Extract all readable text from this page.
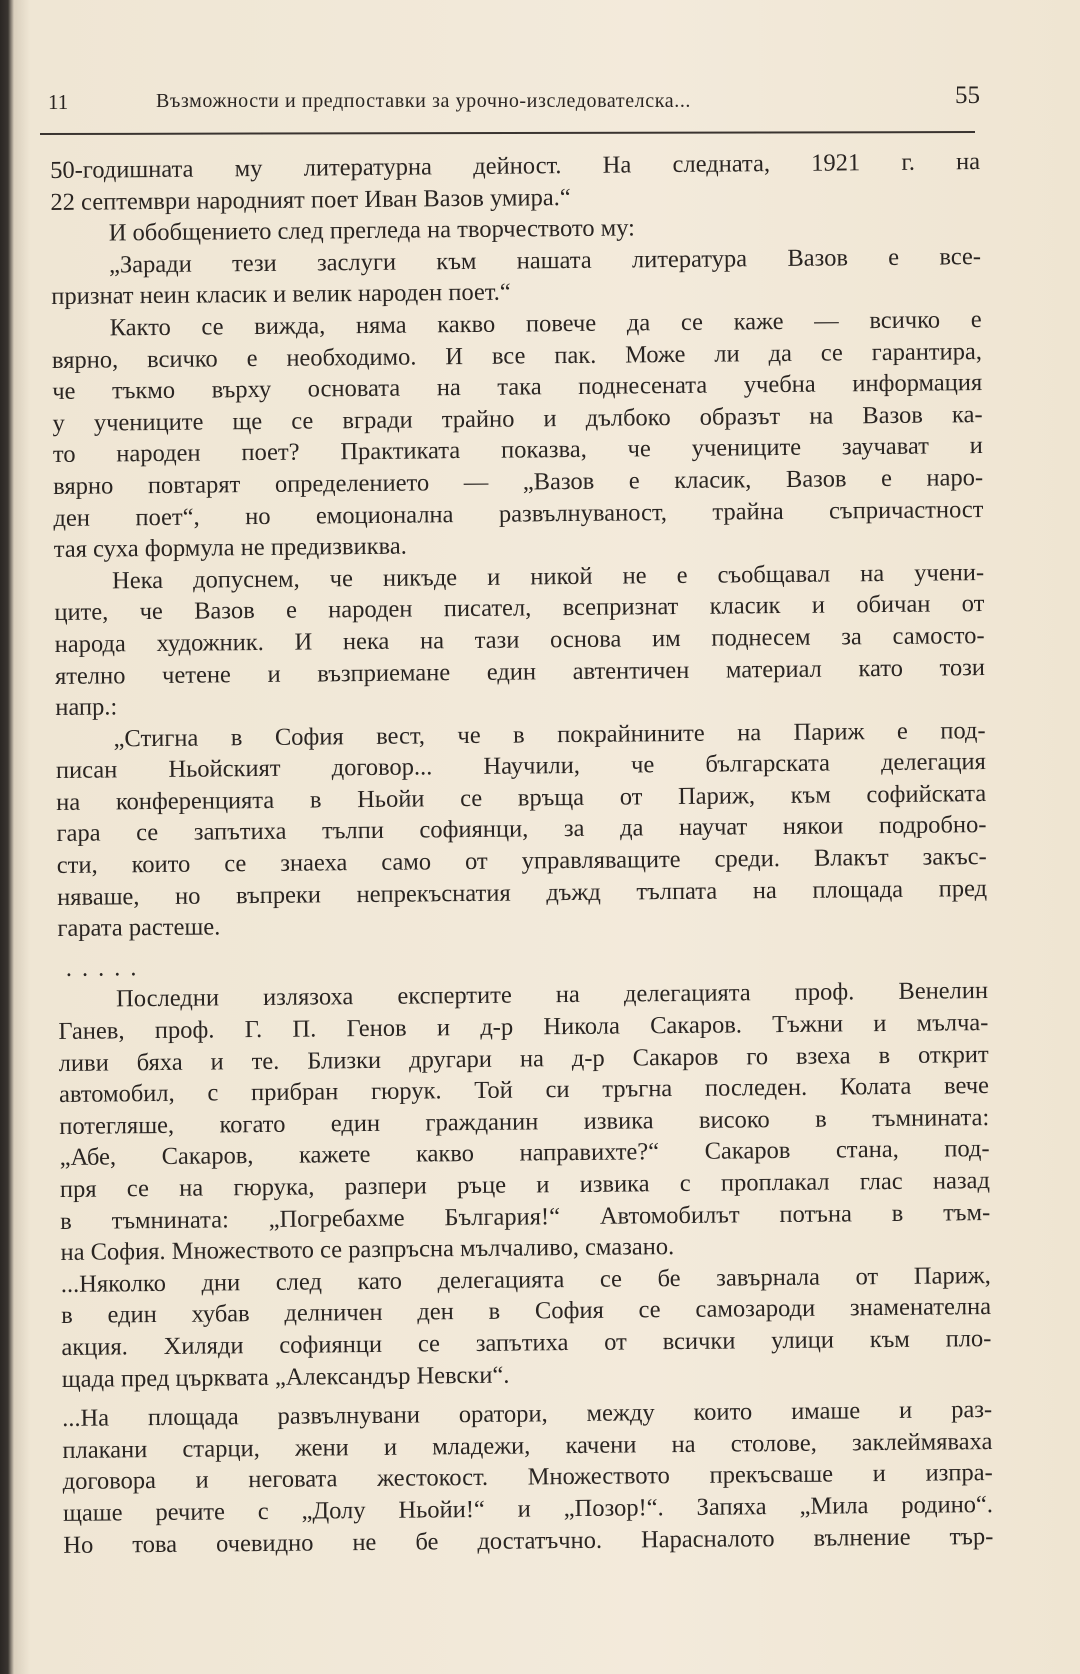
11	Възможности и предпоставки за урочно-изследователска...	55
50-годишната му литературна дейност. На следната, 1921 г. на
22 септември народният поет Иван Вазов умира.“
И обобщението след прегледа на творчеството му:
„Заради тези заслуги към нашата литература Вазов е все-
признат неин класик и велик народен поет.“
Както се вижда, няма какво повече да се каже — всичко е
вярно, всичко е необходимо. И все пак. Може ли да се гарантира,
че тъкмо върху основата на така поднесената учебна информация
у учениците ще се вгради трайно и дълбоко образът на Вазов ка-
то народен поет? Практиката показва, че учениците заучават и
вярно повтарят определението — „Вазов е класик, Вазов е наро-
ден поет“, но емоционална развълнуваност, трайна съпричастност
тая суха формула не предизвиква.
Нека допуснем, че никъде и никой не е съобщавал на учени-
ците, че Вазов е народен писател, всепризнат класик и обичан от
народа художник. И нека на тази основа им поднесем за самосто-
ятелно четене и възприемане един автентичен материал като този
напр.:
„Стигна в София вест, че в покрайнините на Париж е под-
писан Ньойският договор... Научили, че българската делегация
на конференцията в Ньойи се връща от Париж, към софийската
гара се запътиха тълпи софиянци, за да научат някои подробно-
сти, които се знаеха само от управляващите среди. Влакът закъс-
няваше, но въпреки непрекъснатия дъжд тълпата на площада пред
гарата растеше.
.....
Последни излязоха експертите на делегацията проф. Венелин
Ганев, проф. Г. П. Генов и д-р Никола Сакаров. Тъжни и мълча-
ливи бяха и те. Близки другари на д-р Сакаров го взеха в открит
автомобил, с прибран гюрук. Той си тръгна последен. Колата вече
потегляше, когато един гражданин извика високо в тъмнината:
„Абе, Сакаров, кажете какво направихте?“ Сакаров стана, под-
пря се на гюрука, разпери ръце и извика с проплакал глас назад
в тъмнината: „Погребахме България!“ Автомобилът потъна в тъм-
на София. Множеството се разпръсна мълчаливо, смазано.
...Няколко дни след като делегацията се бе завърнала от Париж,
в един хубав делничен ден в София се самозароди знаменателна
акция. Хиляди софиянци се запътиха от всички улици към пло-
щада пред църквата „Александър Невски“.
...На площада развълнувани оратори, между които имаше и раз-
плакани старци, жени и младежи, качени на столове, заклеймяваха
договора и неговата жестокост. Множеството прекъсваше и изпра-
щаше речите с „Долу Ньойи!“ и „Позор!“. Запяха „Мила родино“.
Но това очевидно не бе достатъчно. Нарасналото вълнение тър-
